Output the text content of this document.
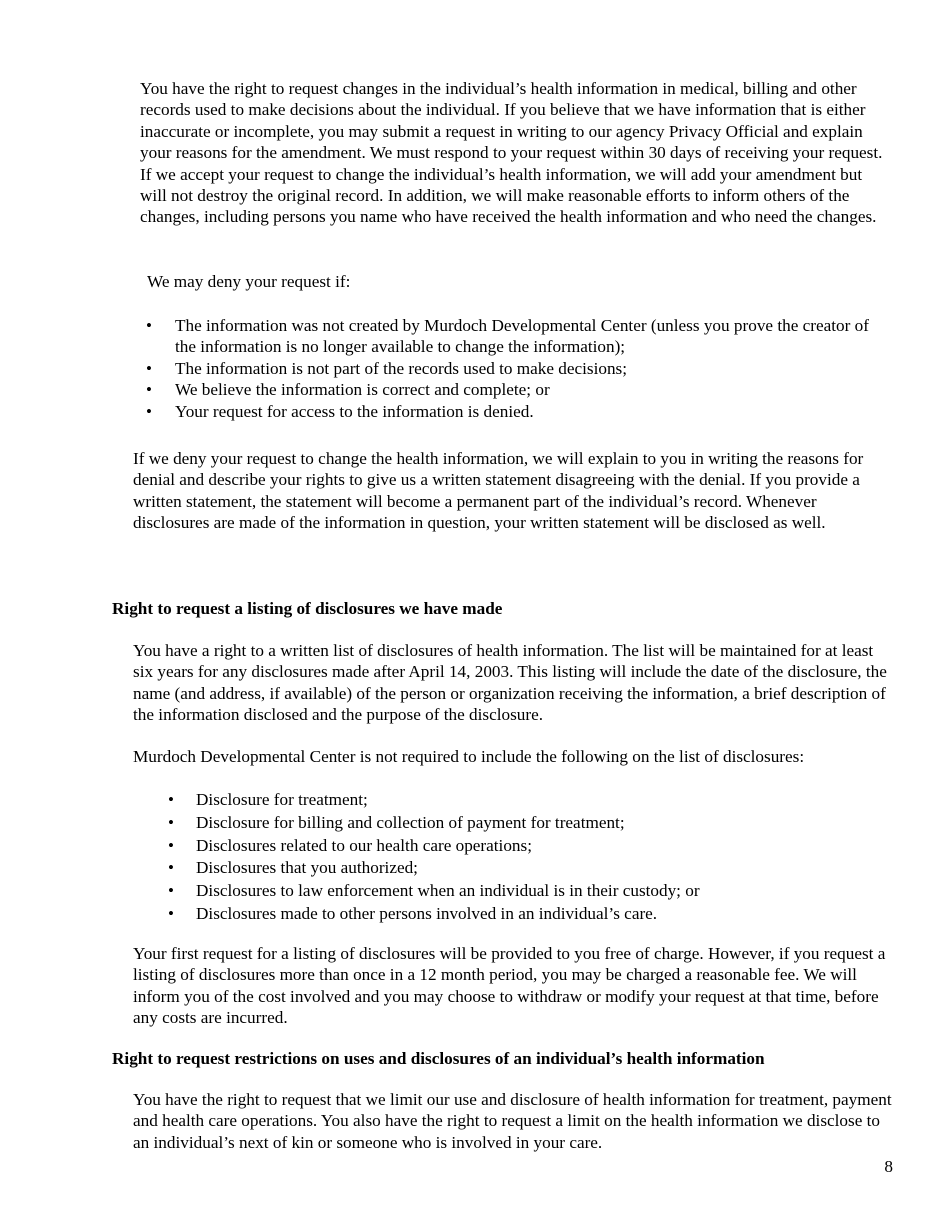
You have the right to request changes in the individual’s health information in medical, billing and other records used to make decisions about the individual. If you believe that we have information that is either inaccurate or incomplete, you may submit a request in writing to our agency Privacy Official and explain your reasons for the amendment. We must respond to your request within 30 days of receiving your request. If we accept your request to change the individual’s health information, we will add your amendment but will not destroy the original record. In addition, we will make reasonable efforts to inform others of the changes, including persons you name who have received the health information and who need the changes.

We may deny your request if:

• The information was not created by Murdoch Developmental Center (unless you prove the creator of the information is no longer available to change the information);
• The information is not part of the records used to make decisions;
• We believe the information is correct and complete; or
• Your request for access to the information is denied.

If we deny your request to change the health information, we will explain to you in writing the reasons for denial and describe your rights to give us a written statement disagreeing with the denial. If you provide a written statement, the statement will become a permanent part of the individual’s record. Whenever disclosures are made of the information in question, your written statement will be disclosed as well.

Right to request a listing of disclosures we have made

You have a right to a written list of disclosures of health information. The list will be maintained for at least six years for any disclosures made after April 14, 2003. This listing will include the date of the disclosure, the name (and address, if available) of the person or organization receiving the information, a brief description of the information disclosed and the purpose of the disclosure.

Murdoch Developmental Center is not required to include the following on the list of disclosures:

• Disclosure for treatment;
• Disclosure for billing and collection of payment for treatment;
• Disclosures related to our health care operations;
• Disclosures that you authorized;
• Disclosures to law enforcement when an individual is in their custody; or
• Disclosures made to other persons involved in an individual’s care.

Your first request for a listing of disclosures will be provided to you free of charge. However, if you request a listing of disclosures more than once in a 12 month period, you may be charged a reasonable fee. We will inform you of the cost involved and you may choose to withdraw or modify your request at that time, before any costs are incurred.

Right to request restrictions on uses and disclosures of an individual’s health information

You have the right to request that we limit our use and disclosure of health information for treatment, payment and health care operations. You also have the right to request a limit on the health information we disclose to an individual’s next of kin or someone who is involved in your care.

8
